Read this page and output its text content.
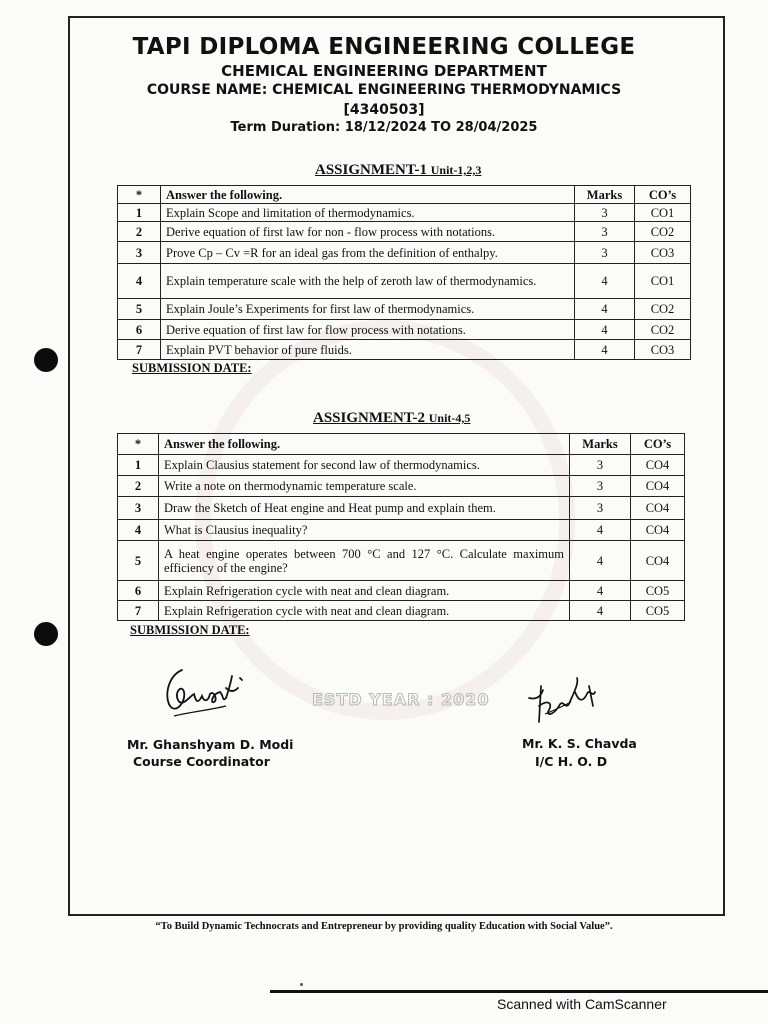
ESTD YEAR : 2020
TAPI DIPLOMA ENGINEERING COLLEGE
CHEMICAL ENGINEERING DEPARTMENT
COURSE NAME: CHEMICAL ENGINEERING THERMODYNAMICS
[4340503]
Term Duration: 18/12/2024 TO 28/04/2025
ASSIGNMENT-1 Unit-1,2,3
*	Answer the following.	Marks	CO’s
1	Explain Scope and limitation of thermodynamics.	3	CO1
2	Derive equation of first law for non - flow process with notations.	3	CO2
3	Prove Cp – Cv =R for an ideal gas from the definition of enthalpy.	3	CO3
4	Explain temperature scale with the help of zeroth law of thermodynamics.	4	CO1
5	Explain Joule’s Experiments for first law of thermodynamics.	4	CO2
6	Derive equation of first law for flow process with notations.	4	CO2
7	Explain PVT behavior of pure fluids.	4	CO3
SUBMISSION DATE:
ASSIGNMENT-2 Unit-4,5
*	Answer the following.	Marks	CO’s
1	Explain Clausius statement for second law of thermodynamics.	3	CO4
2	Write a note on thermodynamic temperature scale.	3	CO4
3	Draw the Sketch of Heat engine and Heat pump and explain them.	3	CO4
4	What is Clausius inequality?	4	CO4
5	A heat engine operates between 700 °C and 127 °C. Calculate maximum efficiency of the engine?	4	CO4
6	Explain Refrigeration cycle with neat and clean diagram.	4	CO5
7	Explain Refrigeration cycle with neat and clean diagram.	4	CO5
SUBMISSION DATE:
Mr. Ghanshyam D. Modi
Course Coordinator
Mr. K. S. Chavda
I/C H. O. D
“To Build Dynamic Technocrats and Entrepreneur by providing quality Education with Social Value”.
Scanned with CamScanner
